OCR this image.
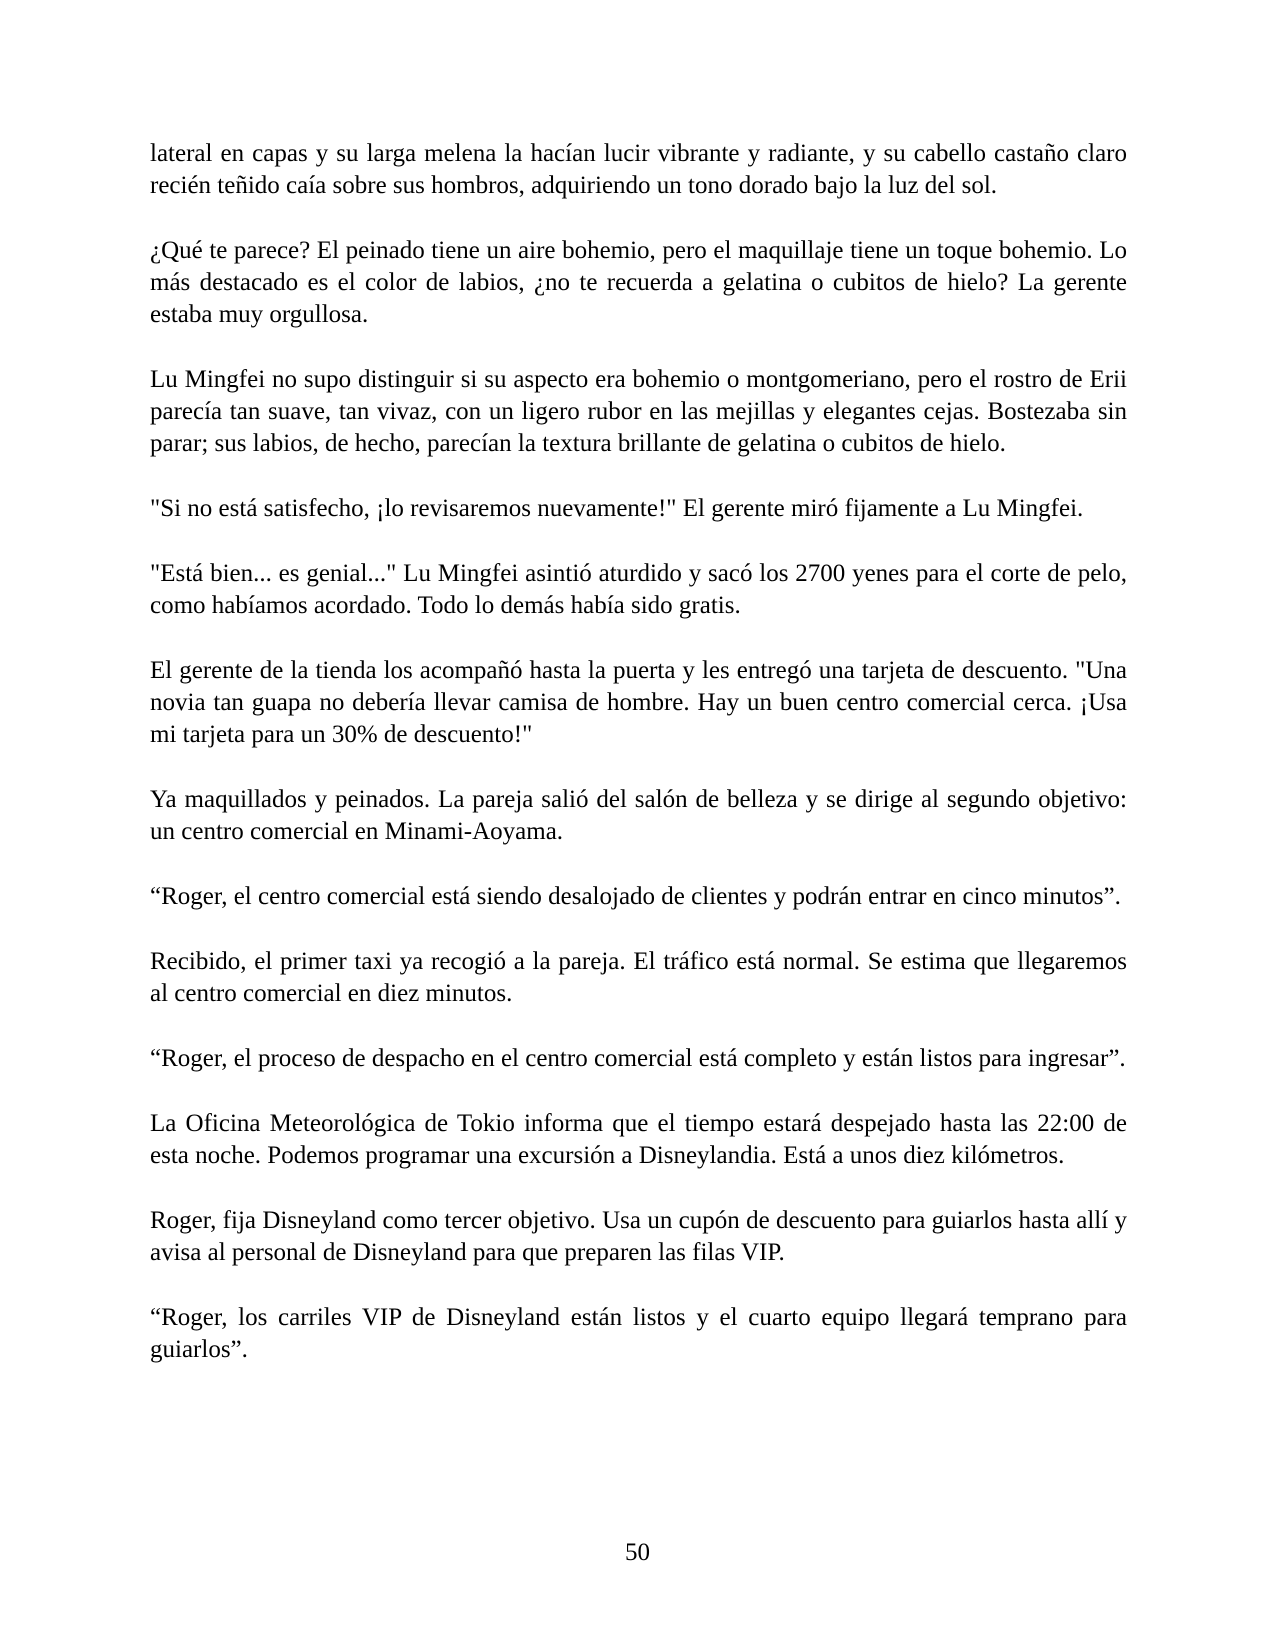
lateral en capas y su larga melena la hacían lucir vibrante y radiante, y su cabello castaño claro recién teñido caía sobre sus hombros, adquiriendo un tono dorado bajo la luz del sol.

¿Qué te parece? El peinado tiene un aire bohemio, pero el maquillaje tiene un toque bohemio. Lo más destacado es el color de labios, ¿no te recuerda a gelatina o cubitos de hielo? La gerente estaba muy orgullosa.

Lu Mingfei no supo distinguir si su aspecto era bohemio o montgomeriano, pero el rostro de Erii parecía tan suave, tan vivaz, con un ligero rubor en las mejillas y elegantes cejas. Bostezaba sin parar; sus labios, de hecho, parecían la textura brillante de gelatina o cubitos de hielo.

"Si no está satisfecho, ¡lo revisaremos nuevamente!" El gerente miró fijamente a Lu Mingfei.

"Está bien... es genial..." Lu Mingfei asintió aturdido y sacó los 2700 yenes para el corte de pelo, como habíamos acordado. Todo lo demás había sido gratis.

El gerente de la tienda los acompañó hasta la puerta y les entregó una tarjeta de descuento. "Una novia tan guapa no debería llevar camisa de hombre. Hay un buen centro comercial cerca. ¡Usa mi tarjeta para un 30% de descuento!"

Ya maquillados y peinados. La pareja salió del salón de belleza y se dirige al segundo objetivo: un centro comercial en Minami-Aoyama.

“Roger, el centro comercial está siendo desalojado de clientes y podrán entrar en cinco minutos”.

Recibido, el primer taxi ya recogió a la pareja. El tráfico está normal. Se estima que llegaremos al centro comercial en diez minutos.

“Roger, el proceso de despacho en el centro comercial está completo y están listos para ingresar”.

La Oficina Meteorológica de Tokio informa que el tiempo estará despejado hasta las 22:00 de esta noche. Podemos programar una excursión a Disneylandia. Está a unos diez kilómetros.

Roger, fija Disneyland como tercer objetivo. Usa un cupón de descuento para guiarlos hasta allí y avisa al personal de Disneyland para que preparen las filas VIP.

“Roger, los carriles VIP de Disneyland están listos y el cuarto equipo llegará temprano para guiarlos”.

50
